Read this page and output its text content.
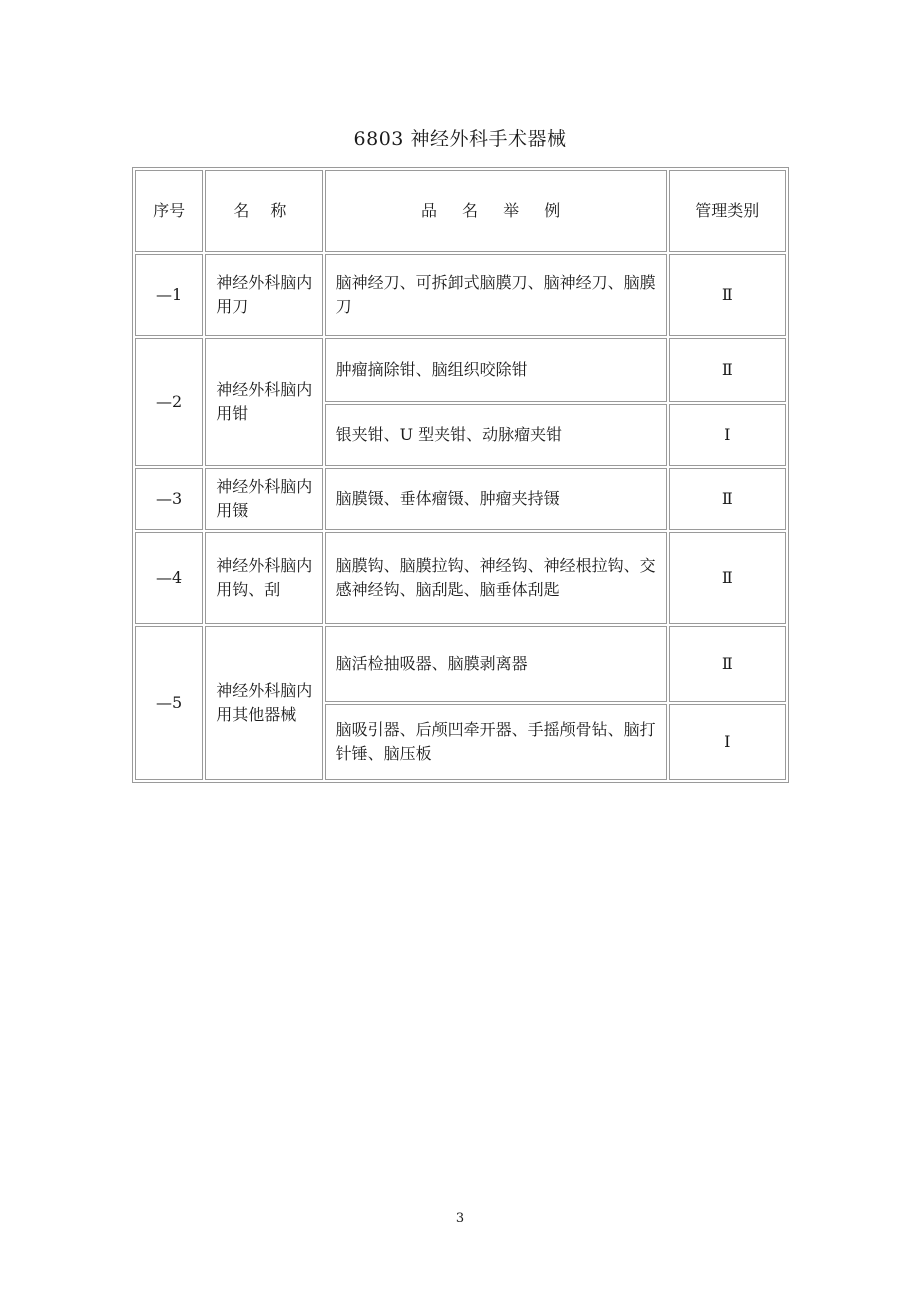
6803 神经外科手术器械
序号	名 称	品 名 举 例	管理类别
—1	神经外科脑内用刀	脑神经刀、可拆卸式脑膜刀、脑神经刀、脑膜刀	Ⅱ
—2	神经外科脑内用钳	肿瘤摘除钳、脑组织咬除钳	Ⅱ
		银夹钳、U 型夹钳、动脉瘤夹钳	Ⅰ
—3	神经外科脑内用镊	脑膜镊、垂体瘤镊、肿瘤夹持镊	Ⅱ
—4	神经外科脑内用钩、刮	脑膜钩、脑膜拉钩、神经钩、神经根拉钩、交感神经钩、脑刮匙、脑垂体刮匙	Ⅱ
—5	神经外科脑内用其他器械	脑活检抽吸器、脑膜剥离器	Ⅱ
		脑吸引器、后颅凹牵开器、手摇颅骨钻、脑打针锤、脑压板	Ⅰ
3
